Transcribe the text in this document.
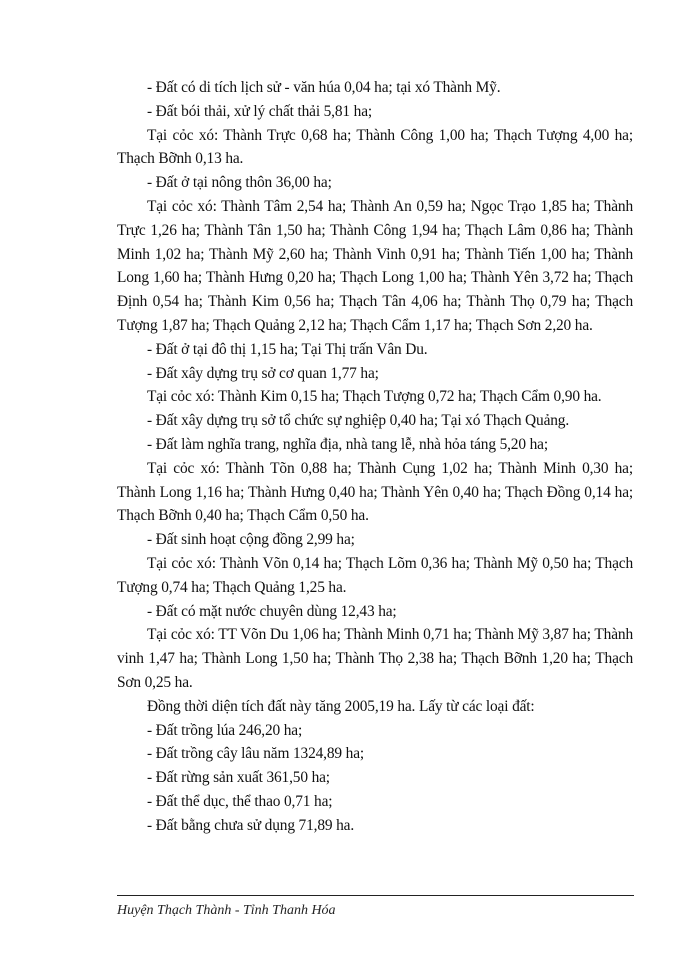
- Đất có di tích lịch sử - văn húa 0,04 ha; tại xó Thành Mỹ.

- Đất bói thải, xử lý chất thải 5,81 ha;

Tại cỏc xó: Thành Trực 0,68 ha; Thành Công 1,00 ha; Thạch Tượng 4,00 ha; Thạch Bỡnh 0,13 ha.

- Đất ở tại nông thôn 36,00 ha;

Tại cỏc xó: Thành Tâm 2,54 ha; Thành An 0,59 ha; Ngọc Trạo 1,85 ha; Thành Trực 1,26 ha; Thành Tân 1,50 ha; Thành Công 1,94 ha; Thạch Lâm 0,86 ha; Thành Minh 1,02 ha; Thành Mỹ 2,60 ha; Thành Vinh 0,91 ha; Thành Tiến 1,00 ha; Thành Long 1,60 ha; Thành Hưng 0,20 ha; Thạch Long 1,00 ha; Thành Yên 3,72 ha; Thạch Định 0,54 ha; Thành Kim 0,56 ha; Thạch Tân 4,06 ha; Thành Thọ 0,79 ha; Thạch Tượng 1,87 ha; Thạch Quảng 2,12 ha; Thạch Cẩm 1,17 ha; Thạch Sơn 2,20 ha.

- Đất ở tại đô thị 1,15 ha; Tại Thị trấn Vân Du.

- Đất xây dựng trụ sở cơ quan 1,77 ha;

Tại cỏc xó: Thành Kim 0,15 ha; Thạch Tượng 0,72 ha; Thạch Cẩm 0,90 ha.

- Đất xây dựng trụ sở tổ chức sự nghiệp 0,40 ha; Tại xó Thạch Quảng.

- Đất làm nghĩa trang, nghĩa địa, nhà tang lễ, nhà hỏa táng 5,20 ha;

Tại cỏc xó: Thành Tõn 0,88 ha; Thành Cụng 1,02 ha; Thành Minh 0,30 ha; Thành Long 1,16 ha; Thành Hưng 0,40 ha; Thành Yên 0,40 ha; Thạch Đồng 0,14 ha; Thạch Bỡnh 0,40 ha; Thạch Cẩm 0,50 ha.

- Đất sinh hoạt cộng đồng 2,99 ha;

Tại cỏc xó: Thành Võn 0,14 ha; Thạch Lõm 0,36 ha; Thành Mỹ 0,50 ha; Thạch Tượng 0,74 ha; Thạch Quảng 1,25 ha.

- Đất có mặt nước chuyên dùng 12,43 ha;

Tại cỏc xó: TT Võn Du 1,06 ha; Thành Minh 0,71 ha; Thành Mỹ 3,87 ha; Thành vinh 1,47 ha; Thành Long 1,50 ha; Thành Thọ 2,38 ha; Thạch Bỡnh 1,20 ha; Thạch Sơn 0,25 ha.

Đồng thời diện tích đất này tăng 2005,19 ha. Lấy từ các loại đất:

- Đất trồng lúa 246,20 ha;

- Đất trồng cây lâu năm 1324,89 ha;

- Đất rừng sản xuất 361,50 ha;

- Đất thể dục, thể thao 0,71 ha;

- Đất bằng chưa sử dụng 71,89 ha.

Huyện Thạch Thành - Tỉnh Thanh Hóa
